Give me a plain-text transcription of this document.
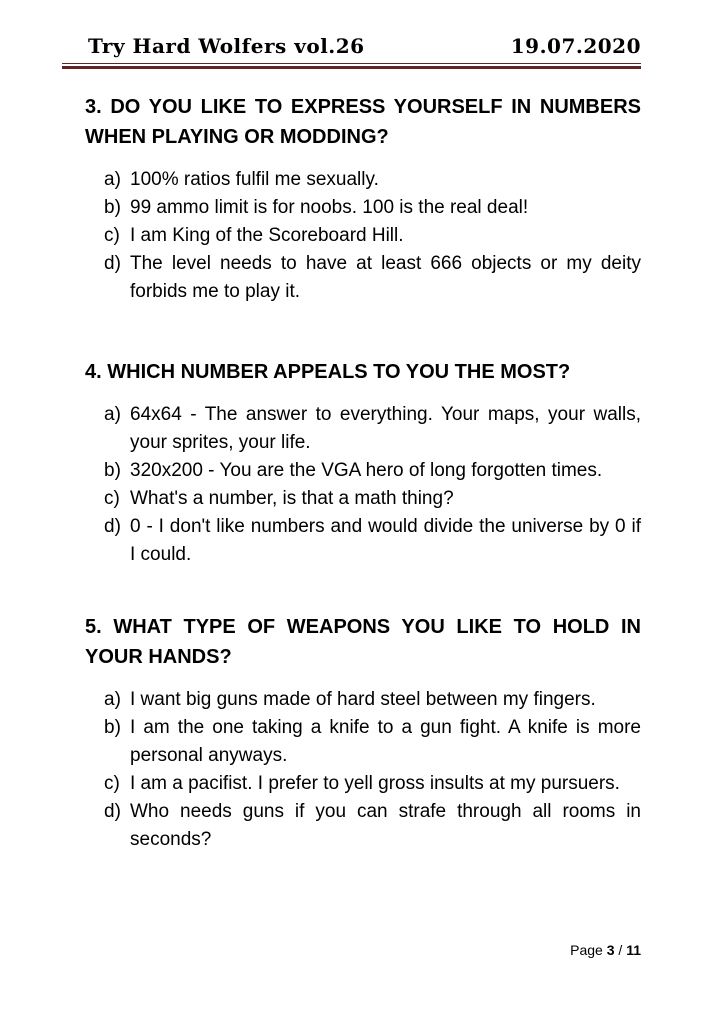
Try Hard Wolfers vol.26	19.07.2020
3. DO YOU LIKE TO EXPRESS YOURSELF IN NUMBERS WHEN PLAYING OR MODDING?
a) 100% ratios fulfil me sexually.
b) 99 ammo limit is for noobs. 100 is the real deal!
c) I am King of the Scoreboard Hill.
d) The level needs to have at least 666 objects or my deity forbids me to play it.
4. WHICH NUMBER APPEALS TO YOU THE MOST?
a) 64x64 - The answer to everything. Your maps, your walls, your sprites, your life.
b) 320x200 - You are the VGA hero of long forgotten times.
c) What's a number, is that a math thing?
d) 0 - I don't like numbers and would divide the universe by 0 if I could.
5. WHAT TYPE OF WEAPONS YOU LIKE TO HOLD IN YOUR HANDS?
a) I want big guns made of hard steel between my fingers.
b) I am the one taking a knife to a gun fight. A knife is more personal anyways.
c) I am a pacifist. I prefer to yell gross insults at my pursuers.
d) Who needs guns if you can strafe through all rooms in seconds?
Page 3 / 11
